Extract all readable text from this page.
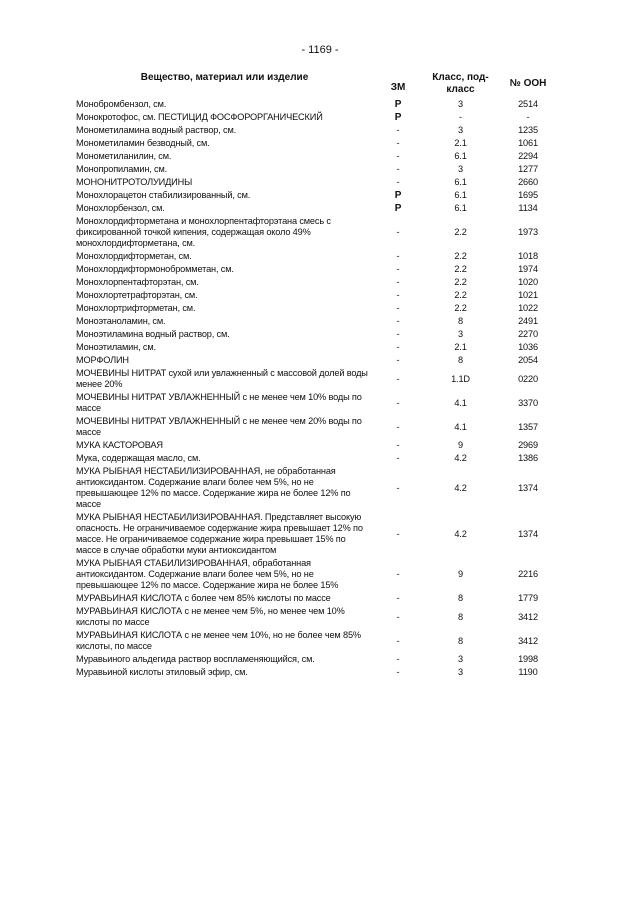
- 1169 -
Вещество, материал или изделие	ЗМ	Класс, под-
класс	№ ООН
Монобромбензол, см.	Р	3	2514
Монокротофос, см. ПЕСТИЦИД ФОСФОРОРГАНИЧЕСКИЙ	Р	-	-
Монометиламина водный раствор, см.	-	3	1235
Монометиламин безводный, см.	-	2.1	1061
Монометиланилин, см.	-	6.1	2294
Монопропиламин, см.	-	3	1277
МОНОНИТРОТОЛУИДИНЫ	-	6.1	2660
Монохлорацетон стабилизированный, см.	Р	6.1	1695
Монохлорбензол, см.	Р	6.1	1134
Монохлордифторметана и монохлорпентафторэтана смесь с фиксированной точкой кипения, содержащая около 49% монохлордифторметана, см.	-	2.2	1973
Монохлордифторметан, см.	-	2.2	1018
Монохлордифтормонобромметан, см.	-	2.2	1974
Монохлорпентафторэтан, см.	-	2.2	1020
Монохлортетрафторэтан, см.	-	2.2	1021
Монохлортрифторметан, см.	-	2.2	1022
Моноэтаноламин, см.	-	8	2491
Моноэтиламина водный раствор, см.	-	3	2270
Моноэтиламин, см.	-	2.1	1036
МОРФОЛИН	-	8	2054
МОЧЕВИНЫ НИТРАТ сухой или увлажненный с массовой долей воды менее 20%	-	1.1D	0220
МОЧЕВИНЫ НИТРАТ УВЛАЖНЕННЫЙ с не менее чем 10% воды по массе	-	4.1	3370
МОЧЕВИНЫ НИТРАТ УВЛАЖНЕННЫЙ с не менее чем 20% воды по массе	-	4.1	1357
МУКА КАСТОРОВАЯ	-	9	2969
Мука, содержащая масло, см.	-	4.2	1386
МУКА РЫБНАЯ НЕСТАБИЛИЗИРОВАННАЯ, не обработанная антиоксидантом. Содержание влаги более чем 5%, но не превышающее 12% по массе. Содержание жира не более 12% по массе	-	4.2	1374
МУКА РЫБНАЯ НЕСТАБИЛИЗИРОВАННАЯ. Представляет высокую опасность. Не ограничиваемое содержание жира превышает 12% по массе. Не ограничиваемое содержание жира превышает 15% по массе в случае обработки муки антиоксидантом	-	4.2	1374
МУКА РЫБНАЯ СТАБИЛИЗИРОВАННАЯ, обработанная антиоксидантом. Содержание влаги более чем 5%, но не превышающее 12% по массе. Содержание жира не более 15%	-	9	2216
МУРАВЬИНАЯ КИСЛОТА с более чем 85% кислоты по массе	-	8	1779
МУРАВЬИНАЯ КИСЛОТА с не менее чем 5%, но менее чем 10% кислоты по массе	-	8	3412
МУРАВЬИНАЯ КИСЛОТА с не менее чем 10%, но не более чем 85% кислоты, по массе	-	8	3412
Муравьиного альдегида раствор воспламеняющийся, см.	-	3	1998
Муравьиной кислоты этиловый эфир, см.	-	3	1190
